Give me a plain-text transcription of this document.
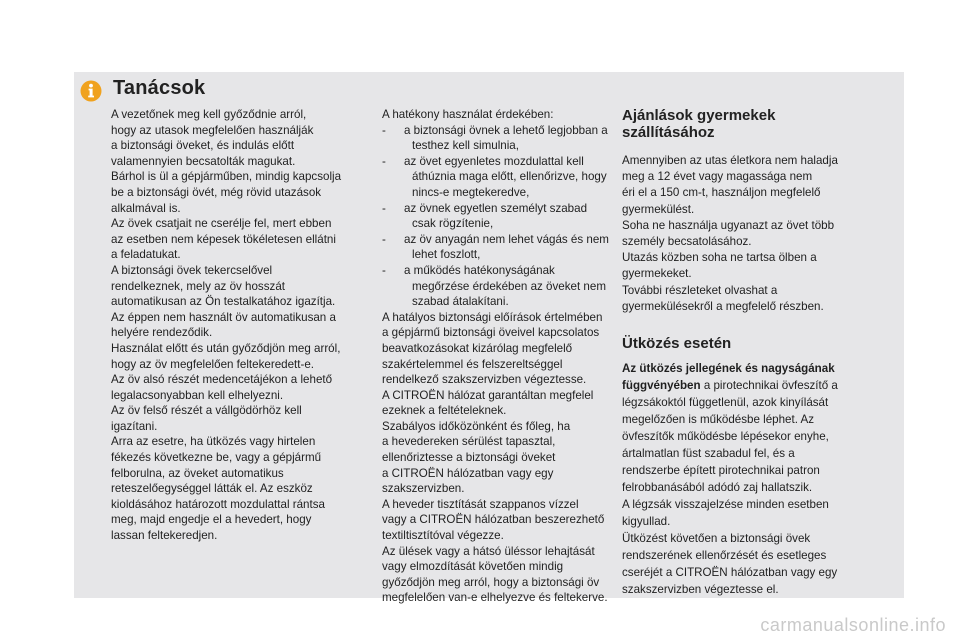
Tanácsok

A vezetőnek meg kell győződnie arról,

hogy az utasok megfelelően használják

a biztonsági öveket, és indulás előtt

valamennyien becsatolták magukat.

Bárhol is ül a gépjárműben, mindig kapcsolja

be a biztonsági övét, még rövid utazások

alkalmával is.

Az övek csatjait ne cserélje fel, mert ebben

az esetben nem képesek tökéletesen ellátni

a feladatukat.

A biztonsági övek tekercselővel

rendelkeznek, mely az öv hosszát

automatikusan az Ön testalkatához igazítja.

Az éppen nem használt öv automatikusan a

helyére rendeződik.

Használat előtt és után győződjön meg arról,

hogy az öv megfelelően feltekeredett-e.

Az öv alsó részét medencetájékon a lehető

legalacsonyabban kell elhelyezni.

Az öv felső részét a vállgödörhöz kell

igazítani.

Arra az esetre, ha ütközés vagy hirtelen

fékezés következne be, vagy a gépjármű

felborulna, az öveket automatikus

reteszelőegységgel látták el. Az eszköz

kioldásához határozott mozdulattal rántsa

meg, majd engedje el a hevedert, hogy

lassan feltekeredjen.

A hatékony használat érdekében:

- a biztonsági övnek a lehető legjobban a
testhez kell simulnia,
- az övet egyenletes mozdulattal kell
áthúznia maga előtt, ellenőrizve, hogy
nincs-e megtekeredve,
- az övnek egyetlen személyt szabad
csak rögzítenie,
- az öv anyagán nem lehet vágás és nem
lehet foszlott,
- a működés hatékonyságának
megőrzése érdekében az öveket nem
szabad átalakítani.

A hatályos biztonsági előírások értelmében

a gépjármű biztonsági öveivel kapcsolatos

beavatkozásokat kizárólag megfelelő

szakértelemmel és felszereltséggel

rendelkező szakszervizben végeztesse.

A CITROËN hálózat garantáltan megfelel

ezeknek a feltételeknek.

Szabályos időközönként és főleg, ha

a hevedereken sérülést tapasztal,

ellenőriztesse a biztonsági öveket

a CITROËN hálózatban vagy egy

szakszervizben.

A heveder tisztítását szappanos vízzel

vagy a CITROËN hálózatban beszerezhető

textiltisztítóval végezze.

Az ülések vagy a hátsó üléssor lehajtását

vagy elmozdítását követően mindig

győződjön meg arról, hogy a biztonsági öv

megfelelően van-e elhelyezve és feltekerve.

Ajánlások gyermekek
szállításához

Amennyiben az utas életkora nem haladja

meg a 12 évet vagy magassága nem

éri el a 150 cm-t, használjon megfelelő

gyermekülést.

Soha ne használja ugyanazt az övet több

személy becsatolásához.

Utazás közben soha ne tartsa ölben a

gyermekeket.

További részleteket olvashat a

gyermekülésekről a megfelelő részben.

Ütközés esetén

Az ütközés jellegének és nagyságának

függvényében a pirotechnikai övfeszítő a

légzsákoktól függetlenül, azok kinyílását

megelőzően is működésbe léphet. Az

övfeszítők működésbe lépésekor enyhe,

ártalmatlan füst szabadul fel, és a

rendszerbe épített pirotechnikai patron

felrobbanásából adódó zaj hallatszik.

A légzsák visszajelzése minden esetben

kigyullad.

Ütközést követően a biztonsági övek

rendszerének ellenőrzését és esetleges

cseréjét a CITROËN hálózatban vagy egy

szakszervizben végeztesse el.

carmanualsonline.info
